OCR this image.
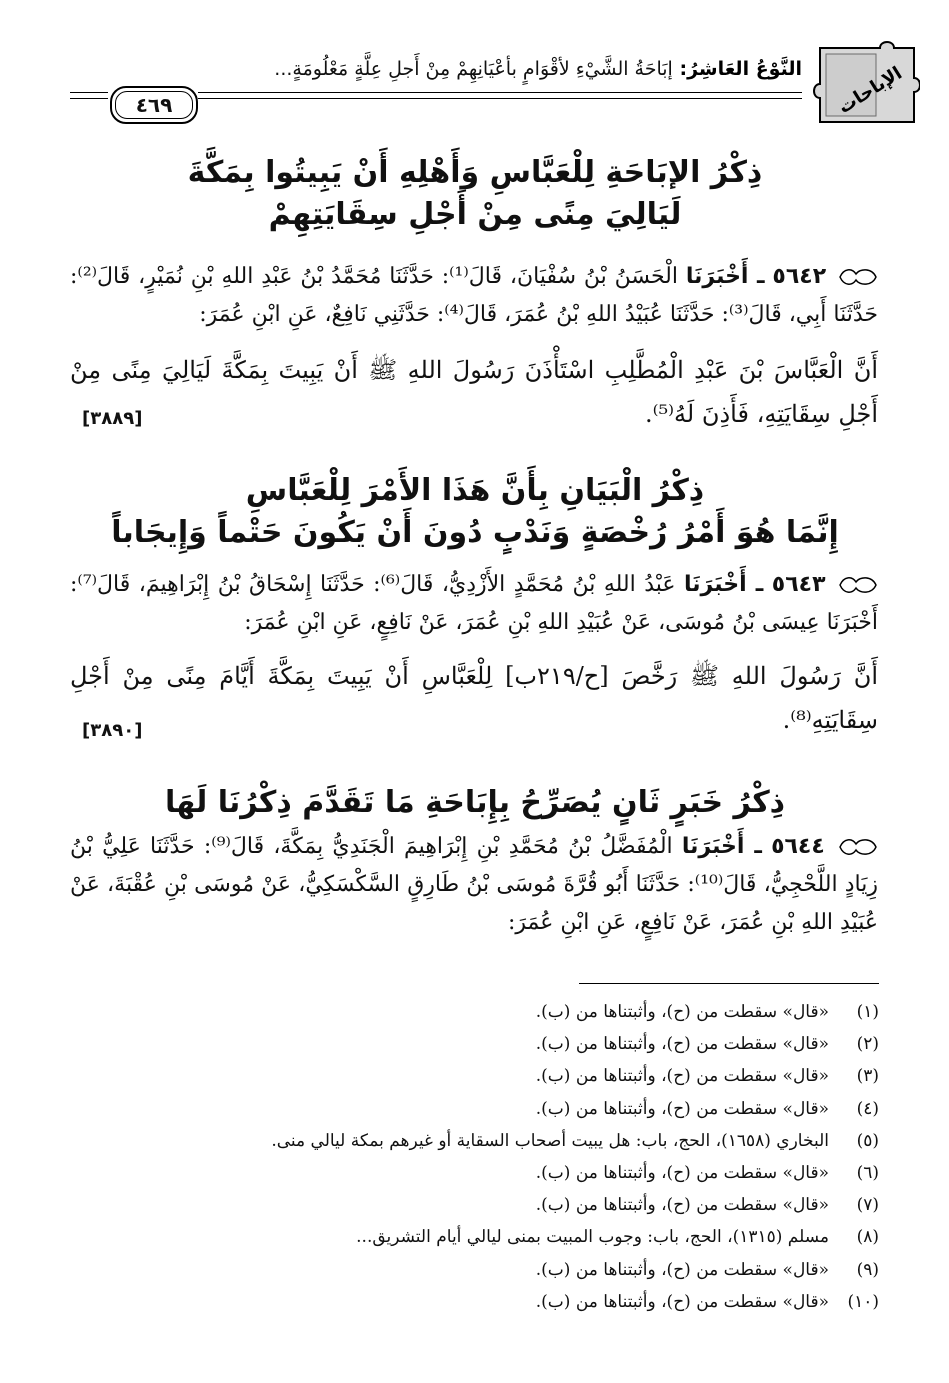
الإباحات
النَّوْعُ العَاشِرُ: إبَاحَةُ الشَّيْءِ لأقْوَامٍ بأعْيَانِهِمْ مِنْ أَجلِ عِلَّةٍ مَعْلُومَةٍ...
٤٦٩
ذِكْرُ الإبَاحَةِ لِلْعَبَّاسِ وَأَهْلِهِ أَنْ يَبِيتُوا بِمَكَّةَ
لَيَالِيَ مِنًى مِنْ أَجْلِ سِقَايَتِهِمْ
٥٦٤٢ ـ أَخْبَرَنَا الْحَسَنُ بْنُ سُفْيَانَ، قَالَ⁽¹⁾: حَدَّثَنَا مُحَمَّدُ بْنُ عَبْدِ اللهِ بْنِ نُمَيْرٍ، قَالَ⁽²⁾: حَدَّثَنَا أَبِي، قَالَ⁽³⁾: حَدَّثَنَا عُبَيْدُ اللهِ بْنُ عُمَرَ، قَالَ⁽⁴⁾: حَدَّثَنِي نَافِعٌ، عَنِ ابْنِ عُمَرَ:
أَنَّ الْعَبَّاسَ بْنَ عَبْدِ الْمُطَّلِبِ اسْتَأْذَنَ رَسُولَ اللهِ ﷺ أَنْ يَبِيتَ بِمَكَّةَ لَيَالِيَ مِنًى مِنْ أَجْلِ سِقَايَتِهِ، فَأَذِنَ لَهُ⁽⁵⁾.
[٣٨٨٩]
ذِكْرُ الْبَيَانِ بِأَنَّ هَذَا الأَمْرَ لِلْعَبَّاسِ
إِنَّمَا هُوَ أَمْرُ رُخْصَةٍ وَنَدْبٍ دُونَ أَنْ يَكُونَ حَتْماً وَإِيجَاباً
٥٦٤٣ ـ أَخْبَرَنَا عَبْدُ اللهِ بْنُ مُحَمَّدٍ الأَزْدِيُّ، قَالَ⁽⁶⁾: حَدَّثَنَا إِسْحَاقُ بْنُ إِبْرَاهِيمَ، قَالَ⁽⁷⁾: أَخْبَرَنَا عِيسَى بْنُ مُوسَى، عَنْ عُبَيْدِ اللهِ بْنِ عُمَرَ، عَنْ نَافِعٍ، عَنِ ابْنِ عُمَرَ:
أَنَّ رَسُولَ اللهِ ﷺ رَخَّصَ [ح/٢١٩ب] لِلْعَبَّاسِ أَنْ يَبِيتَ بِمَكَّةَ أَيَّامَ مِنًى مِنْ أَجْلِ سِقَايَتِهِ⁽⁸⁾.
[٣٨٩٠]
ذِكْرُ خَبَرٍ ثَانٍ يُصَرِّحُ بِإِبَاحَةِ مَا تَقَدَّمَ ذِكْرُنَا لَهَا
٥٦٤٤ ـ أَخْبَرَنَا الْمُفَضَّلُ بْنُ مُحَمَّدِ بْنِ إِبْرَاهِيمَ الْجَنَدِيُّ بِمَكَّةَ، قَالَ⁽⁹⁾: حَدَّثَنَا عَلِيُّ بْنُ زِيَادٍ اللَّحْجِيُّ، قَالَ⁽¹⁰⁾: حَدَّثَنَا أَبُو قُرَّةَ مُوسَى بْنُ طَارِقٍ السَّكْسَكِيُّ، عَنْ مُوسَى بْنِ عُقْبَةَ، عَنْ عُبَيْدِ اللهِ بْنِ عُمَرَ، عَنْ نَافِعٍ، عَنِ ابْنِ عُمَرَ:
(١)
«قال» سقطت من (ح)، وأثبتناها من (ب).
(٢)
«قال» سقطت من (ح)، وأثبتناها من (ب).
(٣)
«قال» سقطت من (ح)، وأثبتناها من (ب).
(٤)
«قال» سقطت من (ح)، وأثبتناها من (ب).
(٥)
البخاري (١٦٥٨)، الحج، باب: هل يبيت أصحاب السقاية أو غيرهم بمكة ليالي منى.
(٦)
«قال» سقطت من (ح)، وأثبتناها من (ب).
(٧)
«قال» سقطت من (ح)، وأثبتناها من (ب).
(٨)
مسلم (١٣١٥)، الحج، باب: وجوب المبيت بمنى ليالي أيام التشريق...
(٩)
«قال» سقطت من (ح)، وأثبتناها من (ب).
(١٠)
«قال» سقطت من (ح)، وأثبتناها من (ب).
